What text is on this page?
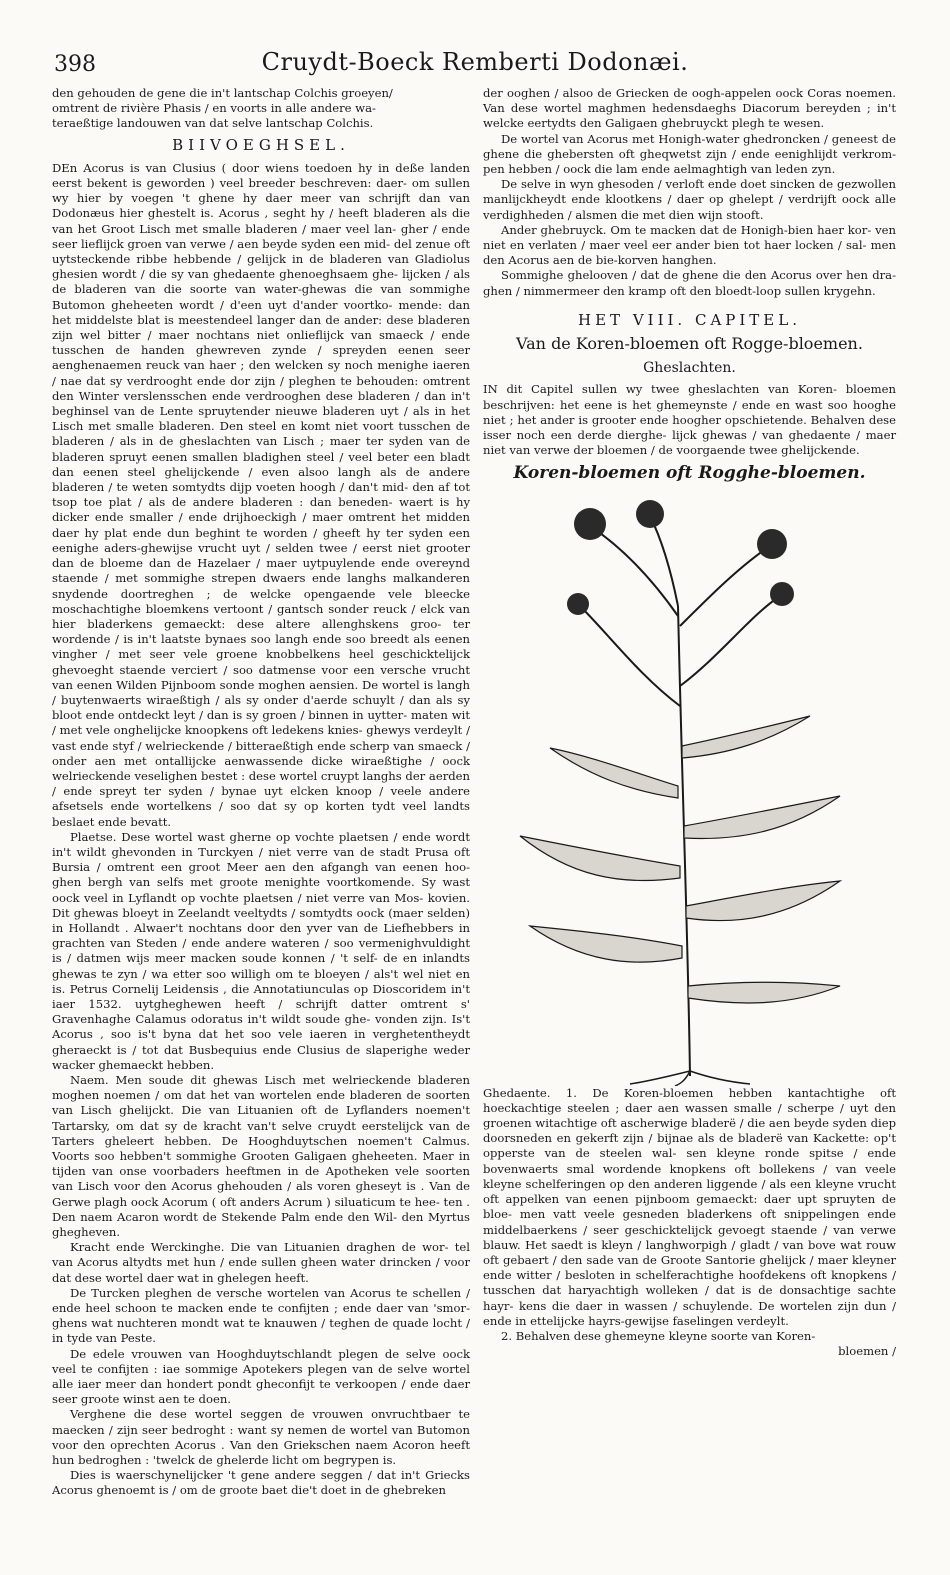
398	Cruydt-Boeck Remberti Dodonæi.

den gehouden de gene die in't lantschap Colchis groeyen/

omtrent de rivière Phasis / en voorts in alle andere wa-

teraeßtige landouwen van dat selve lantschap Colchis.

BIIVOEGHSEL.

DEn Acorus is van Clusius ( door wiens toedoen hy in deße landen eerst bekent is geworden ) veel breeder beschreven: daer- om sullen wy hier by voegen 't ghene hy daer meer van schrijft dan van Dodonæus hier ghestelt is. Acorus , seght hy / heeft bladeren als die van het Groot Lisch met smalle bladeren / maer veel lan- gher / ende seer lieflijck groen van verwe / aen beyde syden een mid- del zenue oft uytsteckende ribbe hebbende / gelijck in de bladeren van Gladiolus ghesien wordt / die sy van ghedaente ghenoeghsaem ghe- lijcken / als de bladeren van die soorte van water-ghewas die van sommighe Butomon gheheeten wordt / d'een uyt d'ander voortko- mende: dan het middelste blat is meestendeel langer dan de ander: dese bladeren zijn wel bitter / maer nochtans niet onlieflijck van smaeck / ende tusschen de handen ghewreven zynde / spreyden eenen seer aenghenaemen reuck van haer ; den welcken sy noch menighe iaeren / nae dat sy verdrooght ende dor zijn / pleghen te behouden: omtrent den Winter verslensschen ende verdrooghen dese bladeren / dan in't beghinsel van de Lente spruytender nieuwe bladeren uyt / als in het Lisch met smalle bladeren. Den steel en komt niet voort tusschen de bladeren / als in de gheslachten van Lisch ; maer ter syden van de bladeren spruyt eenen smallen bladighen steel / veel beter een bladt dan eenen steel ghelijckende / even alsoo langh als de andere bladeren / te weten somtydts dijp voeten hoogh / dan't mid- den af tot tsop toe plat / als de andere bladeren : dan beneden- waert is hy dicker ende smaller / ende drijhoeckigh / maer omtrent het midden daer hy plat ende dun beghint te worden / gheeft hy ter syden een eenighe aders-ghewijse vrucht uyt / selden twee / eerst niet grooter dan de bloeme dan de Hazelaer / maer uytpuylende ende overeynd staende / met sommighe strepen dwaers ende langhs malkanderen snydende doortreghen ; de welcke opengaende vele bleecke moschachtighe bloemkens vertoont / gantsch sonder reuck / elck van hier bladerkens gemaeckt: dese altere allenghskens groo- ter wordende / is in't laatste bynaes soo langh ende soo breedt als eenen vingher / met seer vele groene knobbelkens heel geschicktelijck ghevoeght staende verciert / soo datmense voor een versche vrucht van eenen Wilden Pijnboom sonde moghen aensien. De wortel is langh / buytenwaerts wiraeßtigh / als sy onder d'aerde schuylt / dan als sy bloot ende ontdeckt leyt / dan is sy groen / binnen in uytter- maten wit / met vele onghelijcke knoopkens oft ledekens knies- ghewys verdeylt / vast ende styf / welrieckende / bitteraeßtigh ende scherp van smaeck / onder aen met ontallijcke aenwassende dicke wiraeßtighe / oock welrieckende veselighen bestet : dese wortel cruypt langhs der aerden / ende spreyt ter syden / bynae uyt elcken knoop / veele andere afsetsels ende wortelkens / soo dat sy op korten tydt veel landts beslaet ende bevatt.

Plaetse. Dese wortel wast gherne op vochte plaetsen / ende wordt in't wildt ghevonden in Turckyen / niet verre van de stadt Prusa oft Bursia / omtrent een groot Meer aen den afgangh van eenen hoo- ghen bergh van selfs met groote menighte voortkomende. Sy wast oock veel in Lyflandt op vochte plaetsen / niet verre van Mos- kovien. Dit ghewas bloeyt in Zeelandt veeltydts / somtydts oock (maer selden) in Hollandt . Alwaer't nochtans door den yver van de Liefhebbers in grachten van Steden / ende andere wateren / soo vermenighvuldight is / datmen wijs meer macken soude konnen / 't self- de en inlandts ghewas te zyn / wa etter soo willigh om te bloeyen / als't wel niet en is. Petrus Cornelij Leidensis , die Annotatiunculas op Dioscoridem in't iaer 1532. uytgheghewen heeft / schrijft datter omtrent s' Gravenhaghe Calamus odoratus in't wildt soude ghe- vonden zijn. Is't Acorus , soo is't byna dat het soo vele iaeren in verghetentheydt gheraeckt is / tot dat Busbequius ende Clusius de slaperighe weder wacker ghemaeckt hebben.

Naem. Men soude dit ghewas Lisch met welrieckende bladeren moghen noemen / om dat het van wortelen ende bladeren de soorten van Lisch ghelijckt. Die van Lituanien oft de Lyflanders noemen't Tartarsky, om dat sy de kracht van't selve cruydt eerstelijck van de Tarters gheleert hebben. De Hooghduytschen noemen't Calmus. Voorts soo hebben't sommighe Grooten Galigaen gheheeten. Maer in tijden van onse voorbaders heeftmen in de Apotheken vele soorten van Lisch voor den Acorus ghehouden / als voren gheseyt is . Van de Gerwe plagh oock Acorum ( oft anders Acrum ) siluaticum te hee- ten . Den naem Acaron wordt de Stekende Palm ende den Wil- den Myrtus ghegheven.

Kracht ende Werckinghe. Die van Lituanien draghen de wor- tel van Acorus altydts met hun / ende sullen gheen water drincken / voor dat dese wortel daer wat in ghelegen heeft.

De Turcken pleghen de versche wortelen van Acorus te schellen / ende heel schoon te macken ende te confijten ; ende daer van 'smor- ghens wat nuchteren mondt wat te knauwen / teghen de quade locht / in tyde van Peste.

De edele vrouwen van Hooghduytschlandt plegen de selve oock veel te confijten : iae sommige Apotekers plegen van de selve wortel alle iaer meer dan hondert pondt gheconfijt te verkoopen / ende daer seer groote winst aen te doen.

Verghene die dese wortel seggen de vrouwen onvruchtbaer te maecken / zijn seer bedroght : want sy nemen de wortel van Butomon voor den oprechten Acorus . Van den Griekschen naem Acoron heeft hun bedroghen : 'twelck de ghelerde licht om begrypen is.

Dies is waerschynelijcker 't gene andere seggen / dat in't Griecks Acorus ghenoemt is / om de groote baet die't doet in de ghebreken

der ooghen / alsoo de Griecken de oogh-appelen oock Coras noemen. Van dese wortel maghmen hedensdaeghs Diacorum bereyden ; in't welcke eertydts den Galigaen ghebruyckt plegh te wesen.

De wortel van Acorus met Honigh-water ghedroncken / geneest de ghene die ghebersten oft gheqwetst zijn / ende eenighlijdt verkrom- pen hebben / oock die lam ende aelmaghtigh van leden zyn.

De selve in wyn ghesoden / verloft ende doet sincken de gezwollen manlijckheydt ende klootkens / daer op ghelept / verdrijft oock alle verdighheden / alsmen die met dien wijn stooft.

Ander ghebruyck. Om te macken dat de Honigh-bien haer kor- ven niet en verlaten / maer veel eer ander bien tot haer locken / sal- men den Acorus aen de bie-korven hanghen.

Sommighe ghelooven / dat de ghene die den Acorus over hen dra- ghen / nimmermeer den kramp oft den bloedt-loop sullen krygehn.

HET VIII. CAPITEL.
Van de Koren-bloemen oft Rogge-bloemen.
Gheslachten.

IN dit Capitel sullen wy twee gheslachten van Koren- bloemen beschrijven: het eene is het ghemeynste / ende en wast soo hooghe niet ; het ander is grooter ende hoogher opschietende. Behalven dese isser noch een derde dierghe- lijck ghewas / van ghedaente / maer niet van verwe der bloemen / de voorgaende twee ghelijckende.

Koren-bloemen oft Rogghe-bloemen.

Ghedaente. 1. De Koren-bloemen hebben kantachtighe oft hoeckachtige steelen ; daer aen wassen smalle / scherpe / uyt den groenen witachtige oft ascherwige bladerë / die aen beyde syden diep doorsneden en gekerft zijn / bijnae als de bladerë van Kackette: op't opperste van de steelen wal- sen kleyne ronde spitse / ende bovenwaerts smal wordende knopkens oft bollekens / van veele kleyne schelferingen op den anderen liggende / als een kleyne vrucht oft appelken van eenen pijnboom gemaeckt: daer upt spruyten de bloe- men vatt veele gesneden bladerkens oft snippelingen ende middelbaerkens / seer geschicktelijck gevoegt staende / van verwe blauw. Het saedt is kleyn / langhworpigh / gladt / van bove wat rouw oft gebaert / den sade van de Groote Santorie ghelijck / maer kleyner ende witter / besloten in schelferachtighe hoofdekens oft knopkens / tusschen dat haryachtigh wolleken / dat is de donsachtige sachte hayr- kens die daer in wassen / schuylende. De wortelen zijn dun / ende in ettelijcke hayrs-gewijse faselingen verdeylt.

2. Behalven dese ghemeyne kleyne soorte van Koren-

bloemen /
